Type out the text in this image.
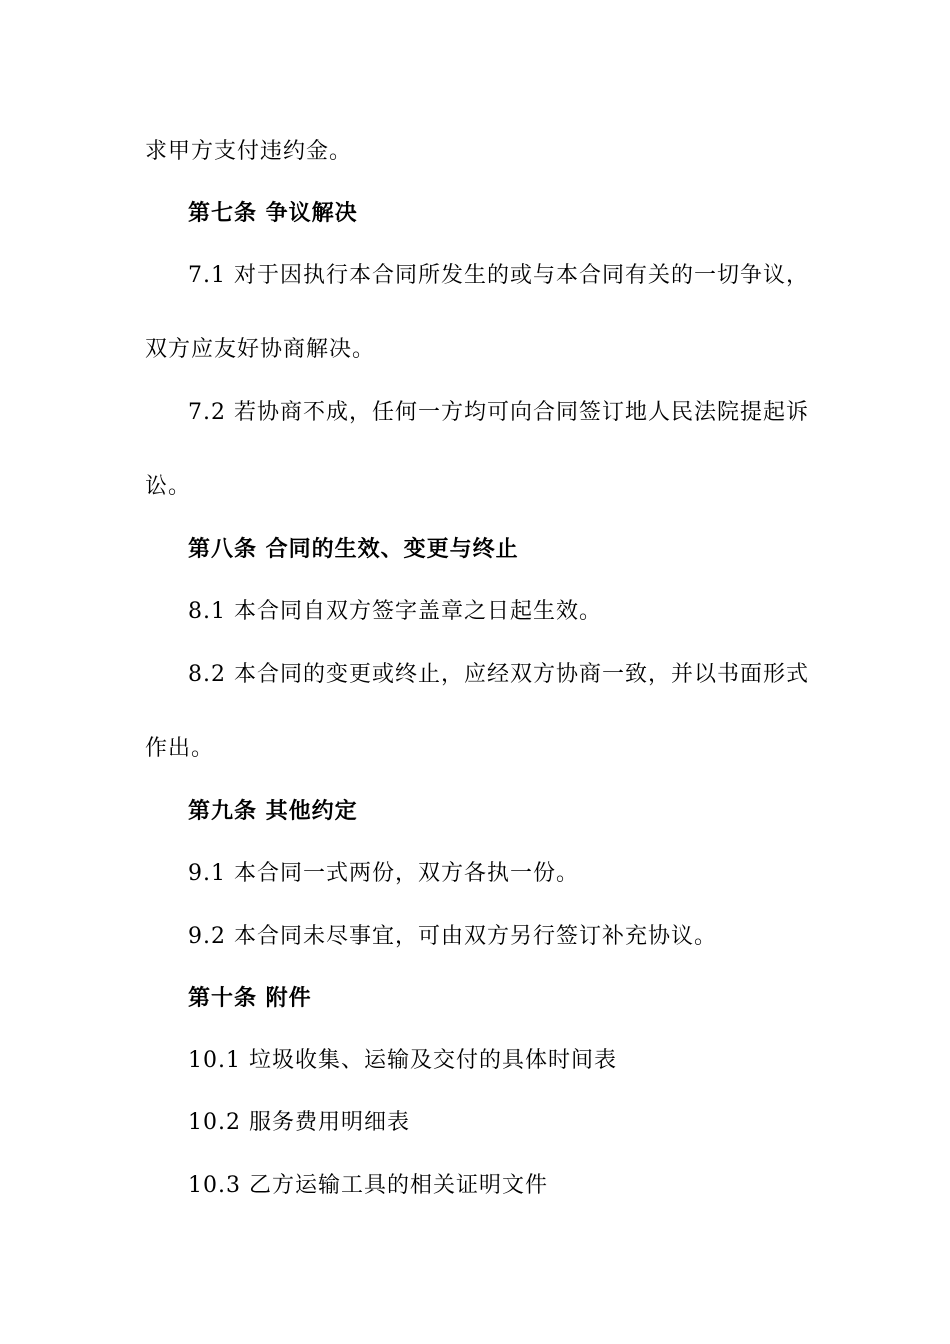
求甲方支付违约金。
第七条 争议解决
7.1 对于因执行本合同所发生的或与本合同有关的一切争议，
双方应友好协商解决。
7.2 若协商不成，任何一方均可向合同签订地人民法院提起诉
讼。
第八条 合同的生效、变更与终止
8.1 本合同自双方签字盖章之日起生效。
8.2 本合同的变更或终止，应经双方协商一致，并以书面形式
作出。
第九条 其他约定
9.1 本合同一式两份，双方各执一份。
9.2 本合同未尽事宜，可由双方另行签订补充协议。
第十条 附件
10.1 垃圾收集、运输及交付的具体时间表
10.2 服务费用明细表
10.3 乙方运输工具的相关证明文件
